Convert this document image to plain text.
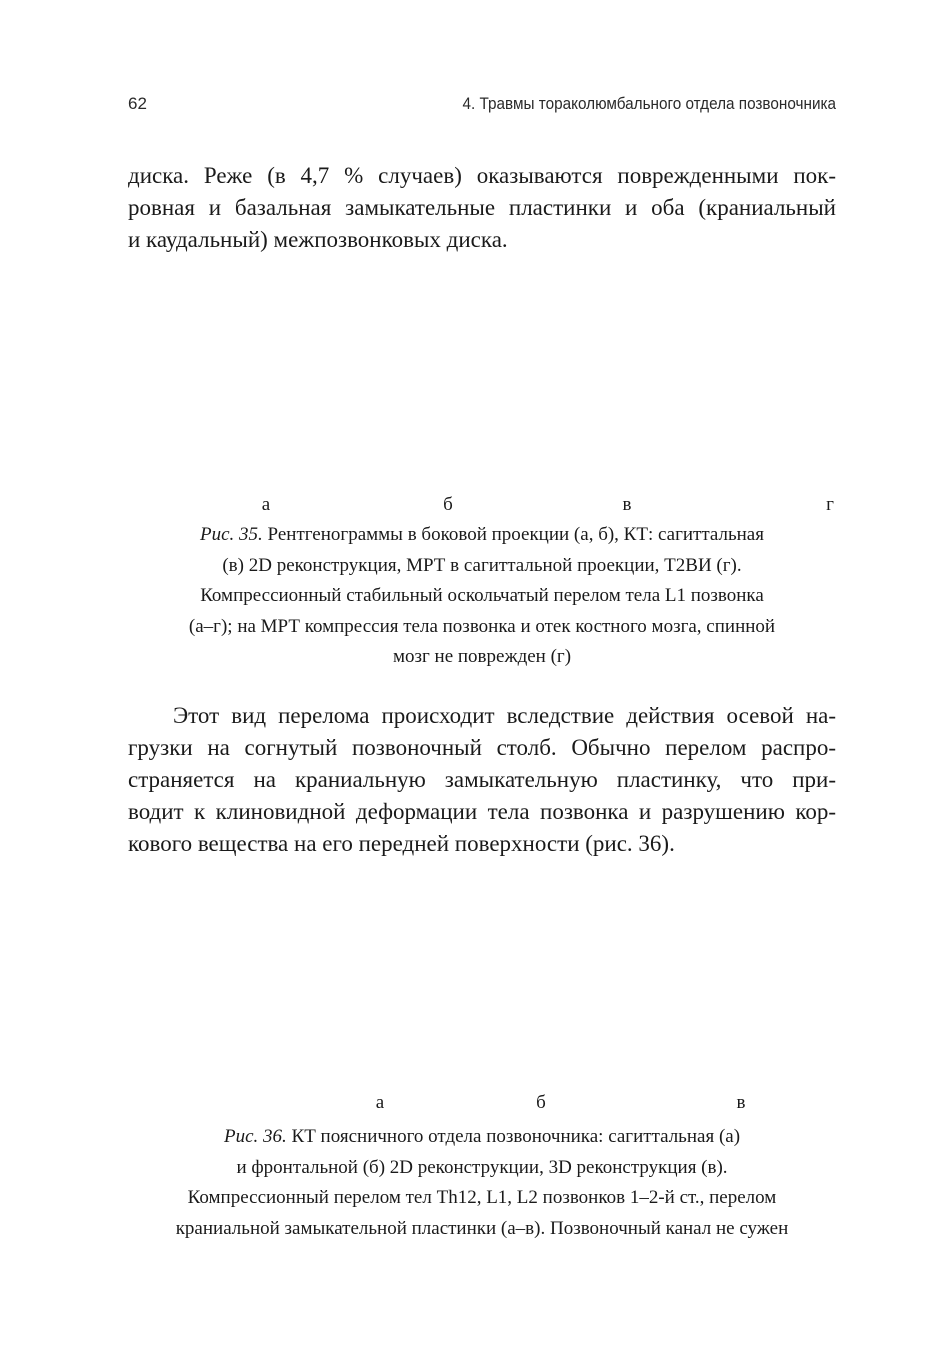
62	4. Травмы тораколюмбального отдела позвоночника

диска. Реже (в 4,7 % случаев) оказываются поврежденными пок-
ровная и базальная замыкательные пластинки и оба (краниальный
и каудальный) межпозвонковых диска.

а	б	в	г

Рис. 35. Рентгенограммы в боковой проекции (а, б), КТ: сагиттальная
(в) 2D реконструкция, МРТ в сагиттальной проекции, Т2ВИ (г).
Компрессионный стабильный оскольчатый перелом тела L1 позвонка
(а–г); на МРТ компрессия тела позвонка и отек костного мозга, спинной
мозг не поврежден (г)

Этот вид перелома происходит вследствие действия осевой на-
грузки на согнутый позвоночный столб. Обычно перелом распро-
страняется на краниальную замыкательную пластинку, что при-
водит к клиновидной деформации тела позвонка и разрушению кор-
кового вещества на его передней поверхности (рис. 36).

а	б	в

Рис. 36. КТ поясничного отдела позвоночника: сагиттальная (а)
и фронтальной (б) 2D реконструкции, 3D реконструкция (в).
Компрессионный перелом тел Th12, L1, L2 позвонков 1–2-й ст., перелом
краниальной замыкательной пластинки (а–в). Позвоночный канал не сужен
